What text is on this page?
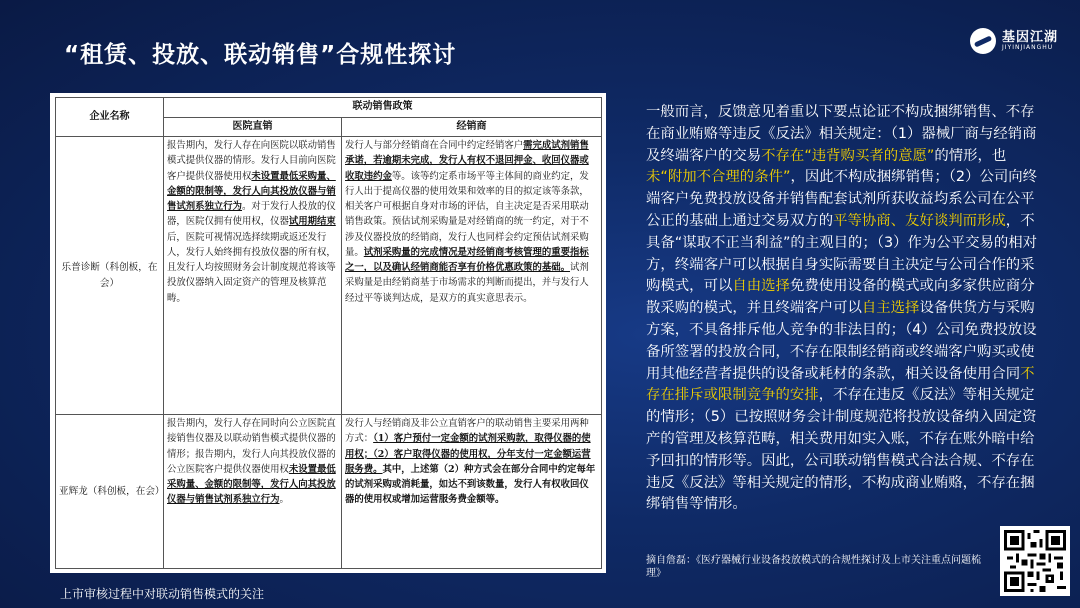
“租赁、投放、联动销售”合规性探讨
基因江湖
JIYINJIANGHU
企业名称	联动销售政策	
	医院直销	经销商
乐普诊断（科创板，在会）	报告期内，发行人存在向医院以联动销售模式提供仪器的情形。发行人目前向医院客户提供仪器使用权未设置最低采购量、金额的限制等，发行人向其投放仪器与销售试剂系独立行为。对于发行人投放的仪器，医院仅拥有使用权，仪器试用期结束后，医院可视情况选择续期或返还发行人，发行人始终拥有投放仪器的所有权，且发行人均按照财务会计制度规范将该等投放仪器纳入固定资产的管理及核算范畴。	发行人与部分经销商在合同中约定经销客户需完成试剂销售承诺，若逾期未完成，发行人有权不退回押金、收回仪器或收取违约金等。该等约定系市场平等主体间的商业约定，发行人出于提高仪器的使用效果和效率的目的拟定该等条款，相关客户可根据自身对市场的评估，自主决定是否采用联动销售政策。预估试剂采购量是对经销商的统一约定，对于不涉及仪器投放的经销商，发行人也同样会约定预估试剂采购量。试剂采购量的完成情况是对经销商考核管理的重要指标之一，以及确认经销商能否享有价格优惠政策的基础。试剂采购量是由经销商基于市场需求的判断而提出，并与发行人经过平等谈判达成，是双方的真实意思表示。
亚辉龙（科创板，在会）	报告期内，发行人存在同时向公立医院直接销售仪器及以联动销售模式提供仪器的情形；报告期内，发行人向其投放仪器的公立医院客户提供仪器使用权未设置最低采购量、金额的限制等，发行人向其投放仪器与销售试剂系独立行为。	发行人与经销商及非公立直销客户的联动销售主要采用两种方式：（1）客户预付一定金额的试剂采购款，取得仪器的使用权；（2）客户取得仪器的使用权，分年支付一定金额运营服务费。其中，上述第（2）种方式会在部分合同中约定每年的试剂采购或消耗量，如达不到该数量，发行人有权收回仪器的使用权或增加运营服务费金额等。
一般而言，反馈意见着重以下要点论证不构成捆绑销售、不存在商业贿赂等违反《反法》相关规定：（1）器械厂商与经销商及终端客户的交易不存在“违背购买者的意愿”的情形，也未“附加不合理的条件”，因此不构成捆绑销售；（2）公司向终端客户免费投放设备并销售配套试剂所获收益均系公司在公平公正的基础上通过交易双方的平等协商、友好谈判而形成，不具备“谋取不正当利益”的主观目的；（3）作为公平交易的相对方，终端客户可以根据自身实际需要自主决定与公司合作的采购模式，可以自由选择免费使用设备的模式或向多家供应商分散采购的模式，并且终端客户可以自主选择设备供货方与采购方案，不具备排斥他人竞争的非法目的；（4）公司免费投放设备所签署的投放合同，不存在限制经销商或终端客户购买或使用其他经营者提供的设备或耗材的条款，相关设备使用合同不存在排斥或限制竞争的安排，不存在违反《反法》等相关规定的情形；（5）已按照财务会计制度规范将投放设备纳入固定资产的管理及核算范畴，相关费用如实入账，不存在账外暗中给予回扣的情形等。因此，公司联动销售模式合法合规、不存在违反《反法》等相关规定的情形，不构成商业贿赂，不存在捆绑销售等情形。
摘自詹磊：《医疗器械行业设备投放模式的合规性探讨及上市关注重点问题梳理》
上市审核过程中对联动销售模式的关注
